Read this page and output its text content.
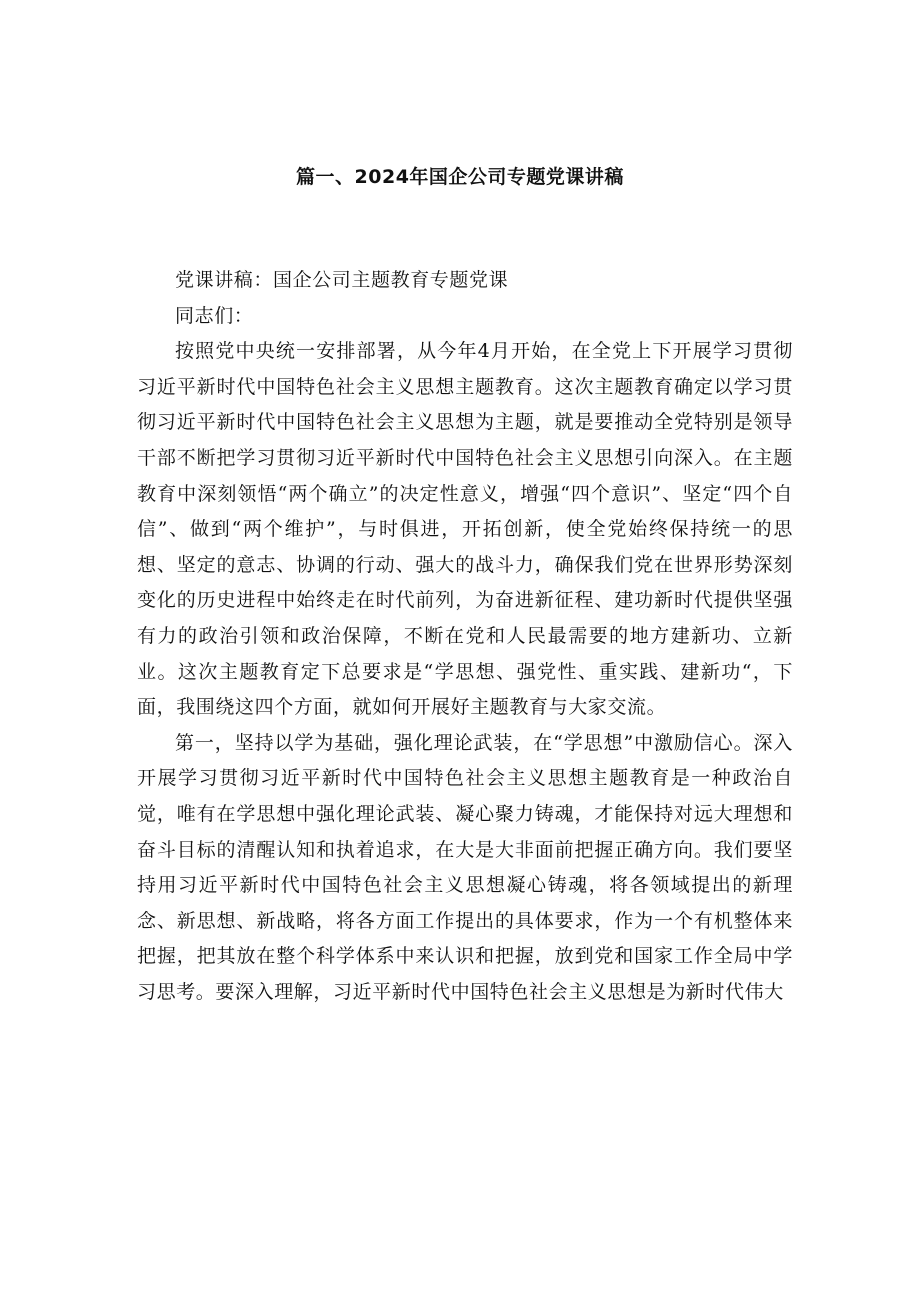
篇一、2024年国企公司专题党课讲稿

党课讲稿：国企公司主题教育专题党课

同志们：

按照党中央统一安排部署，从今年4月开始，在全党上下开展学习贯彻习近平新时代中国特色社会主义思想主题教育。这次主题教育确定以学习贯彻习近平新时代中国特色社会主义思想为主题，就是要推动全党特别是领导干部不断把学习贯彻习近平新时代中国特色社会主义思想引向深入。在主题教育中深刻领悟“两个确立”的决定性意义，增强“四个意识”、坚定“四个自信”、做到“两个维护”，与时俱进，开拓创新，使全党始终保持统一的思想、坚定的意志、协调的行动、强大的战斗力，确保我们党在世界形势深刻变化的历史进程中始终走在时代前列，为奋进新征程、建功新时代提供坚强有力的政治引领和政治保障，不断在党和人民最需要的地方建新功、立新业。这次主题教育定下总要求是“学思想、强党性、重实践、建新功“，下面，我围绕这四个方面，就如何开展好主题教育与大家交流。

第一，坚持以学为基础，强化理论武装，在“学思想”中激励信心。深入开展学习贯彻习近平新时代中国特色社会主义思想主题教育是一种政治自觉，唯有在学思想中强化理论武装、凝心聚力铸魂，才能保持对远大理想和奋斗目标的清醒认知和执着追求，在大是大非面前把握正确方向。我们要坚持用习近平新时代中国特色社会主义思想凝心铸魂，将各领域提出的新理念、新思想、新战略，将各方面工作提出的具体要求，作为一个有机整体来把握，把其放在整个科学体系中来认识和把握，放到党和国家工作全局中学习思考。要深入理解，习近平新时代中国特色社会主义思想是为新时代伟大
